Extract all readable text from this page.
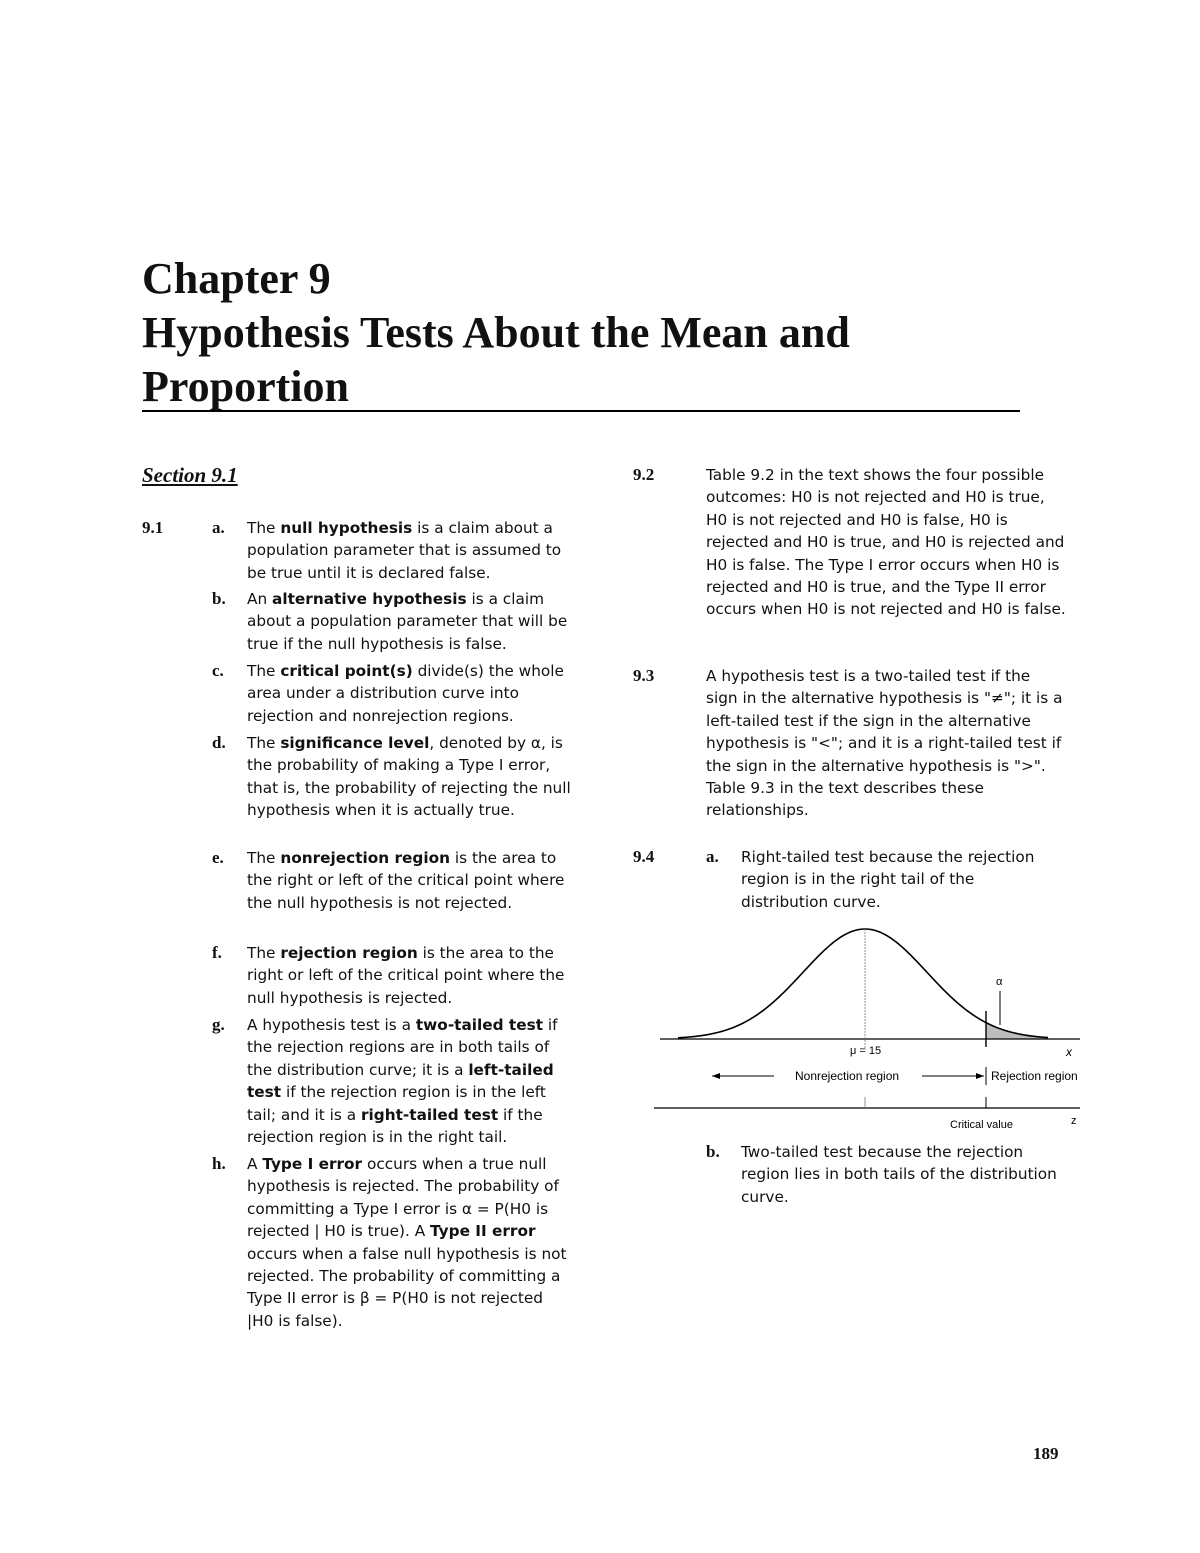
Chapter 9
Hypothesis Tests About the Mean and
Proportion
Section 9.1
9.1	a. The null hypothesis is a claim about a population parameter that is assumed to be true until it is declared false.
b. An alternative hypothesis is a claim about a population parameter that will be true if the null hypothesis is false.
c. The critical point(s) divide(s) the whole area under a distribution curve into rejection and nonrejection regions.
d. The significance level, denoted by α, is the probability of making a Type I error, that is, the probability of rejecting the null hypothesis when it is actually true.
e. The nonrejection region is the area to the right or left of the critical point where the null hypothesis is not rejected.
f. The rejection region is the area to the right or left of the critical point where the null hypothesis is rejected.
g. A hypothesis test is a two-tailed test if the rejection regions are in both tails of the distribution curve; it is a left-tailed test if the rejection region is in the left tail; and it is a right-tailed test if the rejection region is in the right tail.
h. A Type I error occurs when a true null hypothesis is rejected. The probability of committing a Type I error is α = P(H0 is rejected | H0 is true). A Type II error occurs when a false null hypothesis is not rejected. The probability of committing a Type II error is β = P(H0 is not rejected |H0 is false).
9.2	Table 9.2 in the text shows the four possible outcomes: H0 is not rejected and H0 is true, H0 is not rejected and H0 is false, H0 is rejected and H0 is true, and H0 is rejected and H0 is false. The Type I error occurs when H0 is rejected and H0 is true, and the Type II error occurs when H0 is not rejected and H0 is false.
9.3	A hypothesis test is a two-tailed test if the sign in the alternative hypothesis is "≠"; it is a left-tailed test if the sign in the alternative hypothesis is "<"; and it is a right-tailed test if the sign in the alternative hypothesis is ">". Table 9.3 in the text describes these relationships.
9.4	a. Right-tailed test because the rejection region is in the right tail of the distribution curve.
α
μ = 15	x
Nonrejection region	Rejection region
Critical value	z
b. Two-tailed test because the rejection region lies in both tails of the distribution curve.
189
